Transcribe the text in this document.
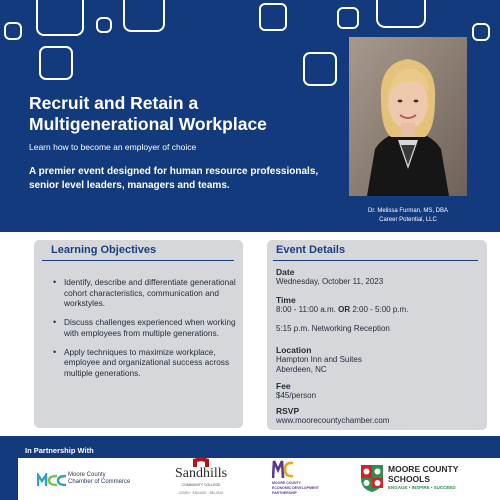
Recruit and Retain a
Multigenerational Workplace
Learn how to become an employer of choice
A premier event designed for human resource professionals, senior level leaders, managers and teams.
Dr. Melissa Furman, MS, DBA
Career Potential, LLC
Learning Objectives
• Identify, describe and differentiate generational cohort characteristics, communication and workstyles.
• Discuss challenges experienced when working with employees from multiple generations.
• Apply techniques to maximize workplace, employee and organizational success across multiple generations.
Event Details
Date
Wednesday, October 11, 2023
Time
8:00 - 11:00 a.m. OR 2:00 - 5:00 p.m.
5:15 p.m. Networking Reception
Location
Hampton Inn and Suites
Aberdeen, NC
Fee
$45/person
RSVP
www.moorecountychamber.com
In Partnership With
Moore County
Chamber of Commerce
Sandhills
COMMUNITY COLLEGE
LEARN · ENGAGE · BELONG
MOORE COUNTY
ECONOMIC DEVELOPMENT
PARTNERSHIP
MOORE COUNTY
SCHOOLS
ENGAGE • INSPIRE • SUCCEED
